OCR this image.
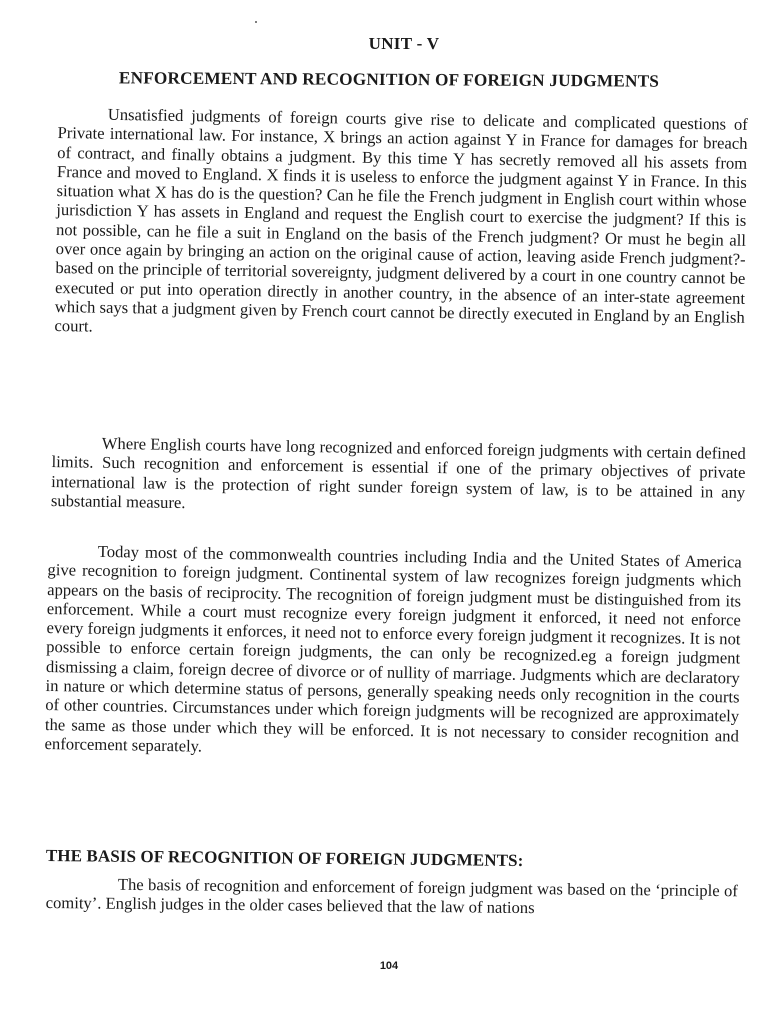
UNIT - V
ENFORCEMENT AND RECOGNITION OF FOREIGN JUDGMENTS

Unsatisfied judgments of foreign courts give rise to delicate and complicated questions of Private international law. For instance, X brings an action against Y in France for damages for breach of contract, and finally obtains a judgment. By this time Y has secretly removed all his assets from France and moved to England. X finds it is useless to enforce the judgment against Y in France. In this situation what X has do is the question? Can he file the French judgment in English court within whose jurisdiction Y has assets in England and request the English court to exercise the judgment? If this is not possible, can he file a suit in England on the basis of the French judgment? Or must he begin all over once again by bringing an action on the original cause of action, leaving aside French judgment?- based on the principle of territorial sovereignty, judgment delivered by a court in one country cannot be executed or put into operation directly in another country, in the absence of an inter-state agreement which says that a judgment given by French court cannot be directly executed in England by an English court.

Where English courts have long recognized and enforced foreign judgments with certain defined limits. Such recognition and enforcement is essential if one of the primary objectives of private international law is the protection of right sunder foreign system of law, is to be attained in any substantial measure.

Today most of the commonwealth countries including India and the United States of America give recognition to foreign judgment. Continental system of law recognizes foreign judgments which appears on the basis of reciprocity. The recognition of foreign judgment must be distinguished from its enforcement. While a court must recognize every foreign judgment it enforced, it need not enforce every foreign judgments it enforces, it need not to enforce every foreign judgment it recognizes. It is not possible to enforce certain foreign judgments, the can only be recognized.eg a foreign judgment dismissing a claim, foreign decree of divorce or of nullity of marriage. Judgments which are declaratory in nature or which determine status of persons, generally speaking needs only recognition in the courts of other countries. Circumstances under which foreign judgments will be recognized are approximately the same as those under which they will be enforced. It is not necessary to consider recognition and enforcement separately.

THE BASIS OF RECOGNITION OF FOREIGN JUDGMENTS:

The basis of recognition and enforcement of foreign judgment was based on the ‘principle of comity’. English judges in the older cases believed that the law of nations

104
